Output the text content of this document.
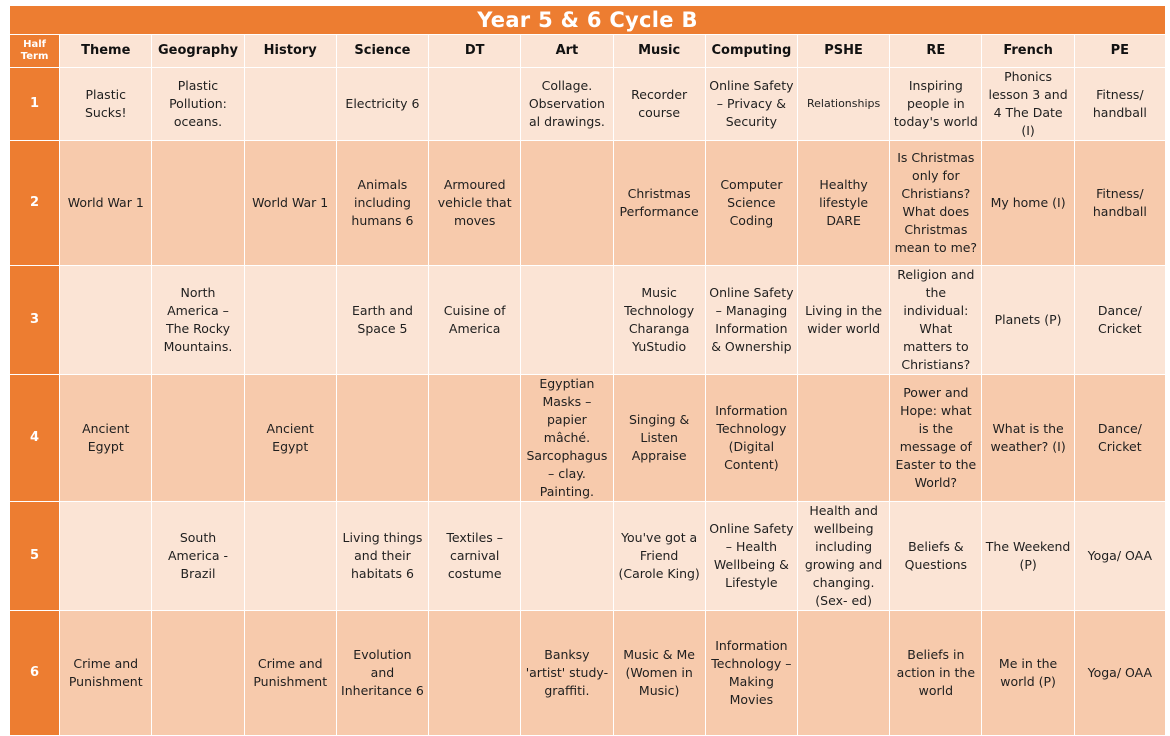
Year 5 & 6 Cycle B												
Half Term	Theme	Geography	History	Science	DT	Art	Music	Computing	PSHE	RE	French	PE
1	Plastic Sucks!	Plastic Pollution: oceans.		Electricity 6		Collage. Observation al drawings.	Recorder course	Online Safety – Privacy & Security	Relationships	Inspiring people in today's world	Phonics lesson 3 and 4 The Date (I)	Fitness/ handball
2	World War 1		World War 1	Animals including humans 6	Armoured vehicle that moves		Christmas Performance	Computer Science Coding	Healthy lifestyle DARE	Is Christmas only for Christians? What does Christmas mean to me?	My home (I)	Fitness/ handball
3		North America – The Rocky Mountains.		Earth and Space 5	Cuisine of America		Music Technology Charanga YuStudio	Online Safety – Managing Information & Ownership	Living in the wider world	Religion and the individual: What matters to Christians?	Planets (P)	Dance/ Cricket
4	Ancient Egypt		Ancient Egypt			Egyptian Masks – papier mâché. Sarcophagus – clay. Painting.	Singing & Listen Appraise	Information Technology (Digital Content)		Power and Hope: what is the message of Easter to the World?	What is the weather? (I)	Dance/ Cricket
5		South America - Brazil		Living things and their habitats 6	Textiles – carnival costume		You've got a Friend (Carole King)	Online Safety – Health Wellbeing & Lifestyle	Health and wellbeing including growing and changing. (Sex- ed)	Beliefs & Questions	The Weekend (P)	Yoga/ OAA
6	Crime and Punishment		Crime and Punishment	Evolution and Inheritance 6		Banksy 'artist' study- graffiti.	Music & Me (Women in Music)	Information Technology – Making Movies		Beliefs in action in the world	Me in the world (P)	Yoga/ OAA
